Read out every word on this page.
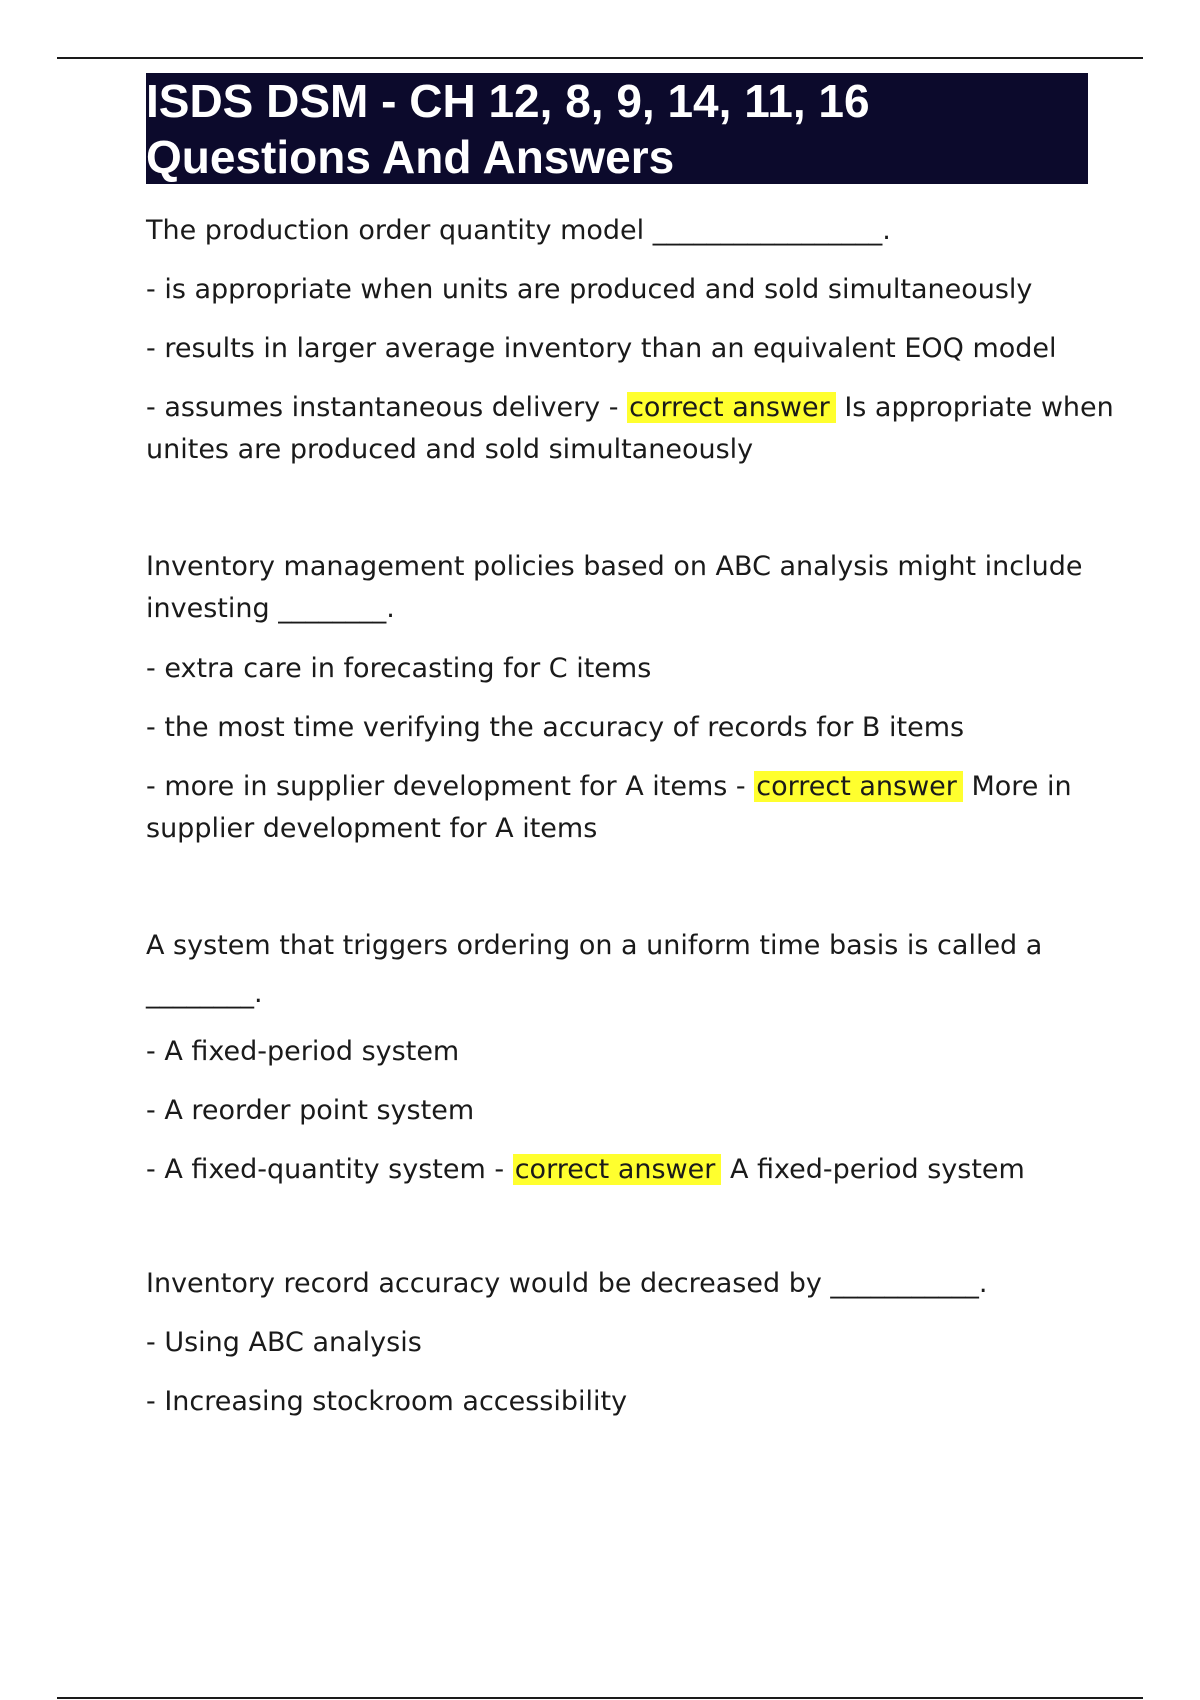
ISDS DSM - CH 12, 8, 9, 14, 11, 16 Questions And Answers

The production order quantity model _________________.

- is appropriate when units are produced and sold simultaneously

- results in larger average inventory than an equivalent EOQ model

- assumes instantaneous delivery - correct answer Is appropriate when

unites are produced and sold simultaneously

Inventory management policies based on ABC analysis might include

investing ________.

- extra care in forecasting for C items

- the most time verifying the accuracy of records for B items

- more in supplier development for A items - correct answer More in

supplier development for A items

A system that triggers ordering on a uniform time basis is called a

________.

- A fixed-period system

- A reorder point system

- A fixed-quantity system - correct answer A fixed-period system

Inventory record accuracy would be decreased by ___________.

- Using ABC analysis

- Increasing stockroom accessibility
